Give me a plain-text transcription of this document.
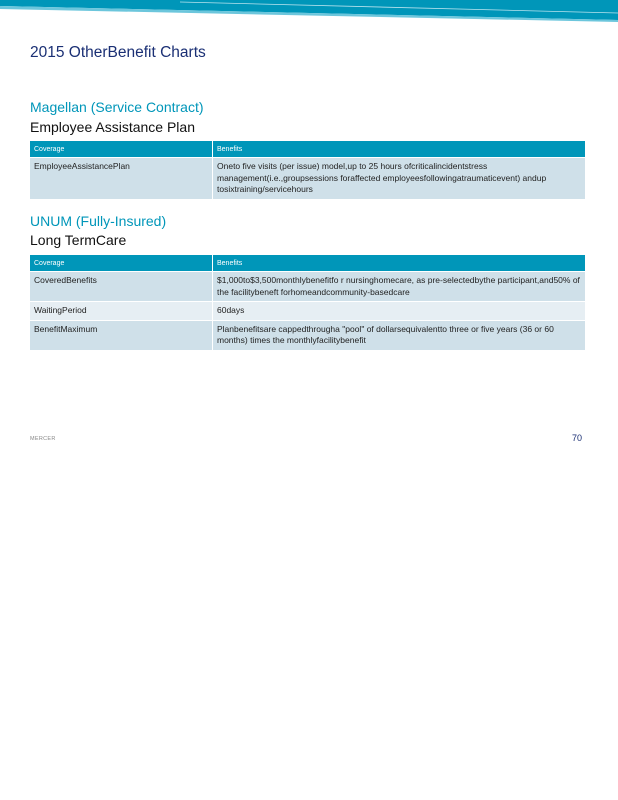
2015 OtherBenefit Charts
Magellan (Service Contract)
Employee Assistance Plan
Coverage	Benefits
EmployeeAssistancePlan	Oneto five visits (per issue) model,up to 25 hours ofcriticalincidentstress management(i.e.,groupsessions foraffected employeesfollowingatraumaticevent) andup tosixtraining/servicehours
UNUM (Fully-Insured)
Long TermCare
Coverage	Benefits
CoveredBenefits	$1,000to$3,500monthlybenefitfo r nursinghomecare, as pre-selectedbythe participant,and50% of the facilitybeneft forhomeandcommunity-basedcare
WaitingPeriod	60days
BenefitMaximum	Planbenefitsare cappedthrougha "pool" of dollarsequivalentto three or five years (36 or 60 months) times the monthlyfacilitybenefit
MERCER	70
